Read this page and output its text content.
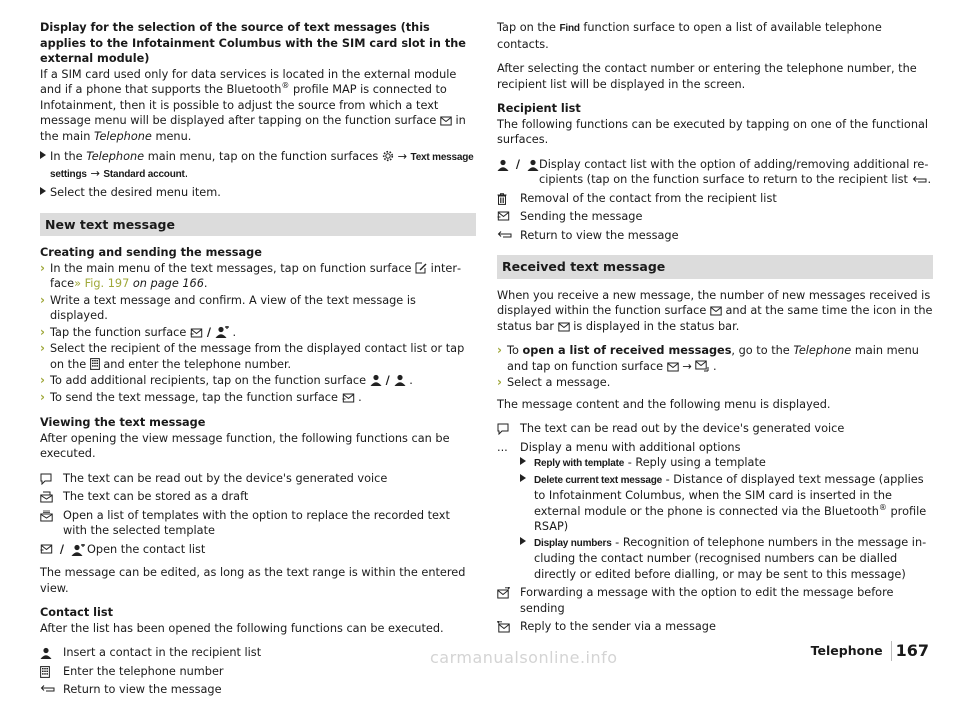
Display for the selection of the source of text messages (this applies to the Infotainment Columbus with the SIM card slot in the external module)

If a SIM card used only for data services is located in the external module and if a phone that supports the Bluetooth® profile MAP is connected to Infotainment, then it is possible to adjust the source from which a text message menu will be displayed after tapping on the function surface  in the main Telephone menu.

In the Telephone main menu, tap on the function surfaces  → Text message settings → Standard account.

Select the desired menu item.

New text message

Creating and sending the message

› In the main menu of the text messages, tap on function surface  interface» Fig. 197 on page 166.

› Write a text message and confirm. A view of the text message is displayed.

› Tap the function surface  /  .

› Select the recipient of the message from the displayed contact list or tap on the  and enter the telephone number.

› To add additional recipients, tap on the function surface  /  .

› To send the text message, tap the function surface  .

Viewing the text message

After opening the view message function, the following functions can be executed.

The text can be read out by the device's generated voice

The text can be stored as a draft

Open a list of templates with the option to replace the recorded text with the selected template

/	Open the contact list

The message can be edited, as long as the text range is within the entered view.

Contact list

After the list has been opened the following functions can be executed.

Insert a contact in the recipient list

Enter the telephone number

Return to view the message

Tap on the Find function surface to open a list of available telephone contacts.

After selecting the contact number or entering the telephone number, the recipient list will be displayed in the screen.

Recipient list

The following functions can be executed by tapping on one of the functional surfaces.

/	Display contact list with the option of adding/removing additional recipients (tap on the function surface to return to the recipient list .

Removal of the contact from the recipient list

Sending the message

Return to view the message

Received text message

When you receive a new message, the number of new messages received is displayed within the function surface  and at the same time the icon in the status bar  is displayed in the status bar.

› To open a list of received messages, go to the Telephone main menu and tap on function surface  → .

› Select a message.

The message content and the following menu is displayed.

The text can be read out by the device's generated voice

...	Display a menu with additional options

Reply with template - Reply using a template

Delete current text message - Distance of displayed text message (applies to Infotainment Columbus, when the SIM card is inserted in the external module or the phone is connected via the Bluetooth® profile RSAP)

Display numbers - Recognition of telephone numbers in the message including the contact number (recognised numbers can be dialled directly or edited before dialling, or may be sent to this message)

Forwarding a message with the option to edit the message before sending

Reply to the sender via a message

carmanualsonline.info	Telephone 167
